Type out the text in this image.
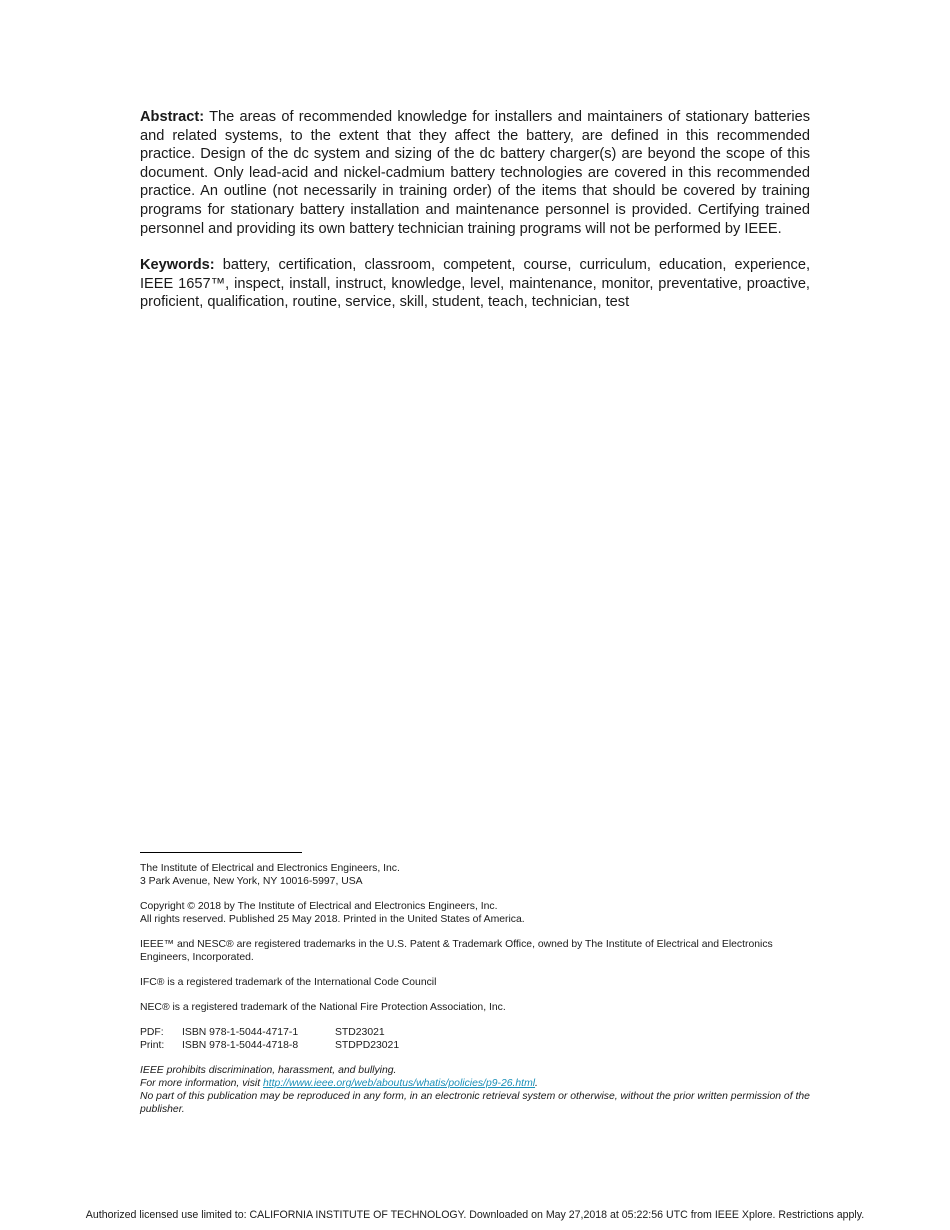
Abstract: The areas of recommended knowledge for installers and maintainers of stationary batteries and related systems, to the extent that they affect the battery, are defined in this recommended practice. Design of the dc system and sizing of the dc battery charger(s) are beyond the scope of this document. Only lead-acid and nickel-cadmium battery technologies are covered in this recommended practice. An outline (not necessarily in training order) of the items that should be covered by training programs for stationary battery installation and maintenance personnel is provided. Certifying trained personnel and providing its own battery technician training programs will not be performed by IEEE.

Keywords: battery, certification, classroom, competent, course, curriculum, education, experience, IEEE 1657™, inspect, install, instruct, knowledge, level, maintenance, monitor, preventative, proactive, proficient, qualification, routine, service, skill, student, teach, technician, test

The Institute of Electrical and Electronics Engineers, Inc.
3 Park Avenue, New York, NY 10016-5997, USA
Copyright © 2018 by The Institute of Electrical and Electronics Engineers, Inc.
All rights reserved. Published 25 May 2018. Printed in the United States of America.
IEEE™ and NESC® are registered trademarks in the U.S. Patent & Trademark Office, owned by The Institute of Electrical and Electronics Engineers, Incorporated.
IFC® is a registered trademark of the International Code Council
NEC® is a registered trademark of the National Fire Protection Association, Inc.
PDF:	ISBN 978-1-5044-4717-1	STD23021
Print:	ISBN 978-1-5044-4718-8	STDPD23021
IEEE prohibits discrimination, harassment, and bullying.
For more information, visit http://www.ieee.org/web/aboutus/whatis/policies/p9-26.html.
No part of this publication may be reproduced in any form, in an electronic retrieval system or otherwise, without the prior written permission of the publisher.
Authorized licensed use limited to: CALIFORNIA INSTITUTE OF TECHNOLOGY. Downloaded on May 27,2018 at 05:22:56 UTC from IEEE Xplore. Restrictions apply.
